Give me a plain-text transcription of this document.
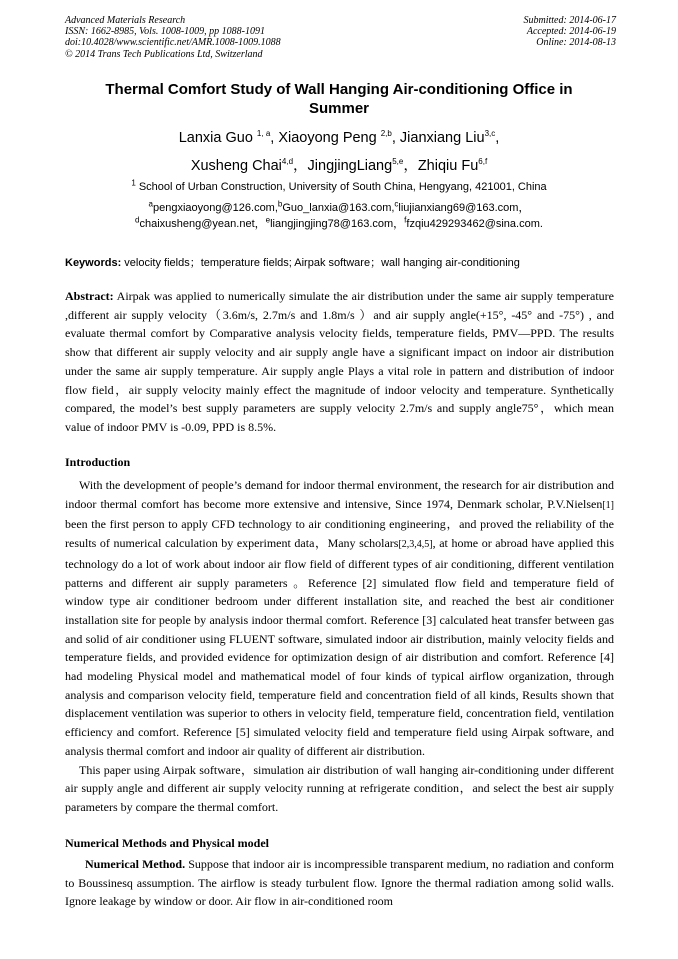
Advanced Materials Research
ISSN: 1662-8985, Vols. 1008-1009, pp 1088-1091
doi:10.4028/www.scientific.net/AMR.1008-1009.1088
© 2014 Trans Tech Publications Ltd, Switzerland
Submitted: 2014-06-17
Accepted: 2014-06-19
Online: 2014-08-13
Thermal Comfort Study of Wall Hanging Air-conditioning Office in Summer
Lanxia Guo $^{1, a}$, Xiaoyong Peng $^{2,b}$, Jianxiang Liu$^{3,c}$,
Xusheng Chai$^{4,d}$，JingjingLiang$^{5,e}$，Zhiqiu Fu$^{6,f}$
$^1$ School of Urban Construction, University of South China, Hengyang, 421001, China
$^a$pengxiaoyong@126.com,$^b$Guo_lanxia@163.com,$^c$liujianxiang69@163.com，
$^d$chaixusheng@yean.net，$^e$liangjingjing78@163.com，$^f$fzqiu429293462@sina.com.
Keywords: velocity fields；temperature fields; Airpak software；wall hanging air-conditioning
Abstract: Airpak was applied to numerically simulate the air distribution under the same air supply temperature ,different air supply velocity（3.6m/s, 2.7m/s and 1.8m/s ）and air supply angle(+15°, -45° and -75°) , and evaluate thermal comfort by Comparative analysis velocity fields, temperature fields, PMV—PPD. The results show that different air supply velocity and air supply angle have a significant impact on indoor air distribution under the same air supply temperature. Air supply angle Plays a vital role in pattern and distribution of indoor flow field，air supply velocity mainly effect the magnitude of indoor velocity and temperature. Synthetically compared, the model’s best supply parameters are supply velocity 2.7m/s and supply angle75°，which mean value of indoor PMV is -0.09, PPD is 8.5%.
Introduction

With the development of people’s demand for indoor thermal environment, the research for air distribution and indoor thermal comfort has become more extensive and intensive, Since 1974, Denmark scholar, P.V.Nielsen[1] been the first person to apply CFD technology to air conditioning engineering，and proved the reliability of the results of numerical calculation by experiment data，Many scholars[2,3,4,5], at home or abroad have applied this technology do a lot of work about indoor air flow field of different types of air conditioning, different ventilation patterns and different air supply parameters 。Reference [2] simulated flow field and temperature field of window type air conditioner bedroom under different installation site, and reached the best air conditioner installation site for people by analysis indoor thermal comfort. Reference [3] calculated heat transfer between gas and solid of air conditioner using FLUENT software, simulated indoor air distribution, mainly velocity fields and temperature fields, and provided evidence for optimization design of air distribution and comfort. Reference [4] had modeling Physical model and mathematical model of four kinds of typical airflow organization, through analysis and comparison velocity field, temperature field and concentration field of all kinds, Results shown that displacement ventilation was superior to others in velocity field, temperature field, concentration field, ventilation efficiency and comfort. Reference [5] simulated velocity field and temperature field using Airpak software, and analysis thermal comfort and indoor air quality of different air distribution.

This paper using Airpak software，simulation air distribution of wall hanging air-conditioning under different air supply angle and different air supply velocity running at refrigerate condition，and select the best air supply parameters by compare the thermal comfort.

Numerical Methods and Physical model

Numerical Method. Suppose that indoor air is incompressible transparent medium, no radiation and conform to Boussinesq assumption. The airflow is steady turbulent flow. Ignore the thermal radiation among solid walls. Ignore leakage by window or door. Air flow in air-conditioned room
